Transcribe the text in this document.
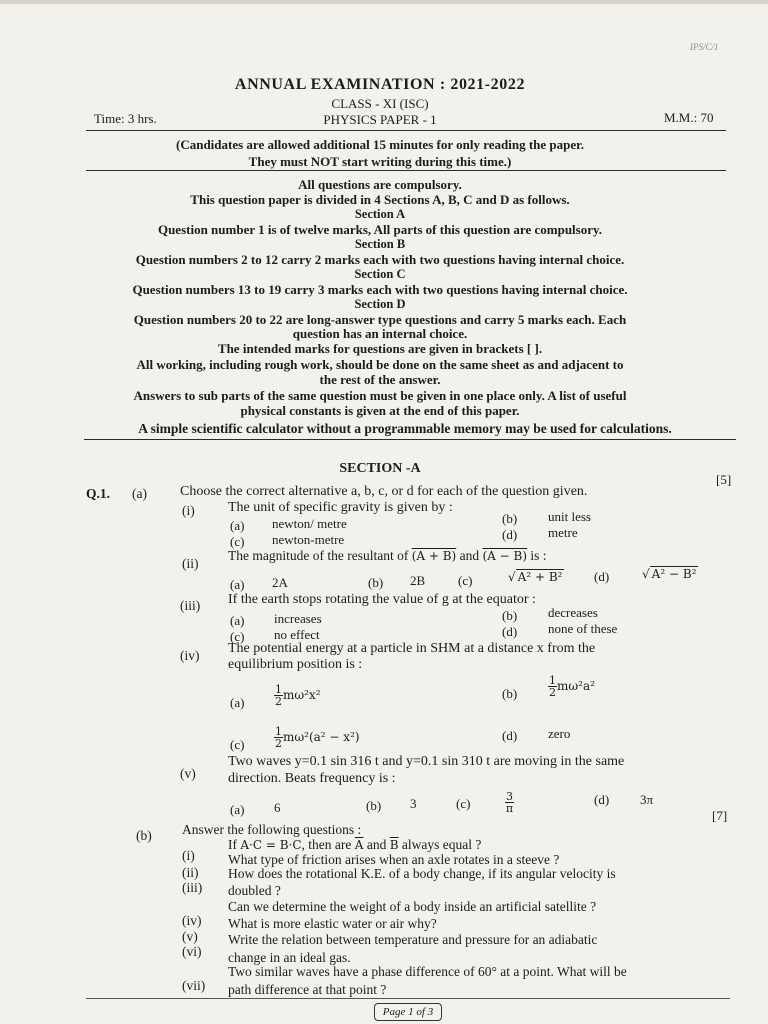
IPS/C/1
ANNUAL EXAMINATION : 2021-2022
CLASS - XI (ISC)
PHYSICS PAPER - 1
Time: 3 hrs.	M.M.: 70
(Candidates are allowed additional 15 minutes for only reading the paper.
They must NOT start writing during this time.)
All questions are compulsory.
This question paper is divided in 4 Sections A, B, C and D as follows.
Section A
Question number 1 is of twelve marks, All parts of this question are compulsory.
Section B
Question numbers 2 to 12 carry 2 marks each with two questions having internal choice.
Section C
Question numbers 13 to 19 carry 3 marks each with two questions having internal choice.
Section D
Question numbers 20 to 22 are long-answer type questions and carry 5 marks each. Each
question has an internal choice.
The intended marks for questions are given in brackets [ ].
All working, including rough work, should be done on the same sheet as and adjacent to
the rest of the answer.
Answers to sub parts of the same question must be given in one place only. A list of useful
physical constants is given at the end of this paper.
A simple scientific calculator without a programmable memory may be used for calculations.
SECTION -A
Q.1. (a) Choose the correct alternative a, b, c, or d for each of the question given.
[5]
(i) The unit of specific gravity is given by :
(a) newton/ metre	(b) unit less
(c) newton-metre	(d) metre
(ii)
The magnitude of the resultant of (A + B) and (A − B) is :
(a) 2A	(b) 2B	(c)	√ A² + B² (d)	√ A² − B²
(iii) If the earth stops rotating the value of g at the equator :
(a) increases	(b) decreases
(c) no effect	(d) none of these
(iv) The potential energy at a particle in SHM at a distance x from the
equilibrium position is :
(a)	$\frac{1}{2} m\omega^2x^2$	(b)	$\frac{1}{2} m\omega^2a^2$
(c)	$\frac{1}{2} m\omega^2(a^2 - x^2)$	(d) zero
(v)
Two waves y=0.1 sin 316 t and y=0.1 sin 310 t are moving in the same
direction. Beats frequency is :
(a) 6	(b) 3	(c)	$\frac{3}{\pi}$	(d) 3π
(b) Answer the following questions :
[7]
(i)
If A·C = B·C, then are $\overline{A}$ and $\overline{B}$ always equal ?
(ii)
What type of friction arises when an axle rotates in a steeve ?
(iii)
How does the rotational K.E. of a body change, if its angular velocity is
doubled ?
(iv)
Can we determine the weight of a body inside an artificial satellite ?
(v)
What is more elastic water or air why?
(vi)
Write the relation between temperature and pressure for an adiabatic
change in an ideal gas.
(vii)
Two similar waves have a phase difference of 60° at a point. What will be
path difference at that point ?
Page 1 of 3
